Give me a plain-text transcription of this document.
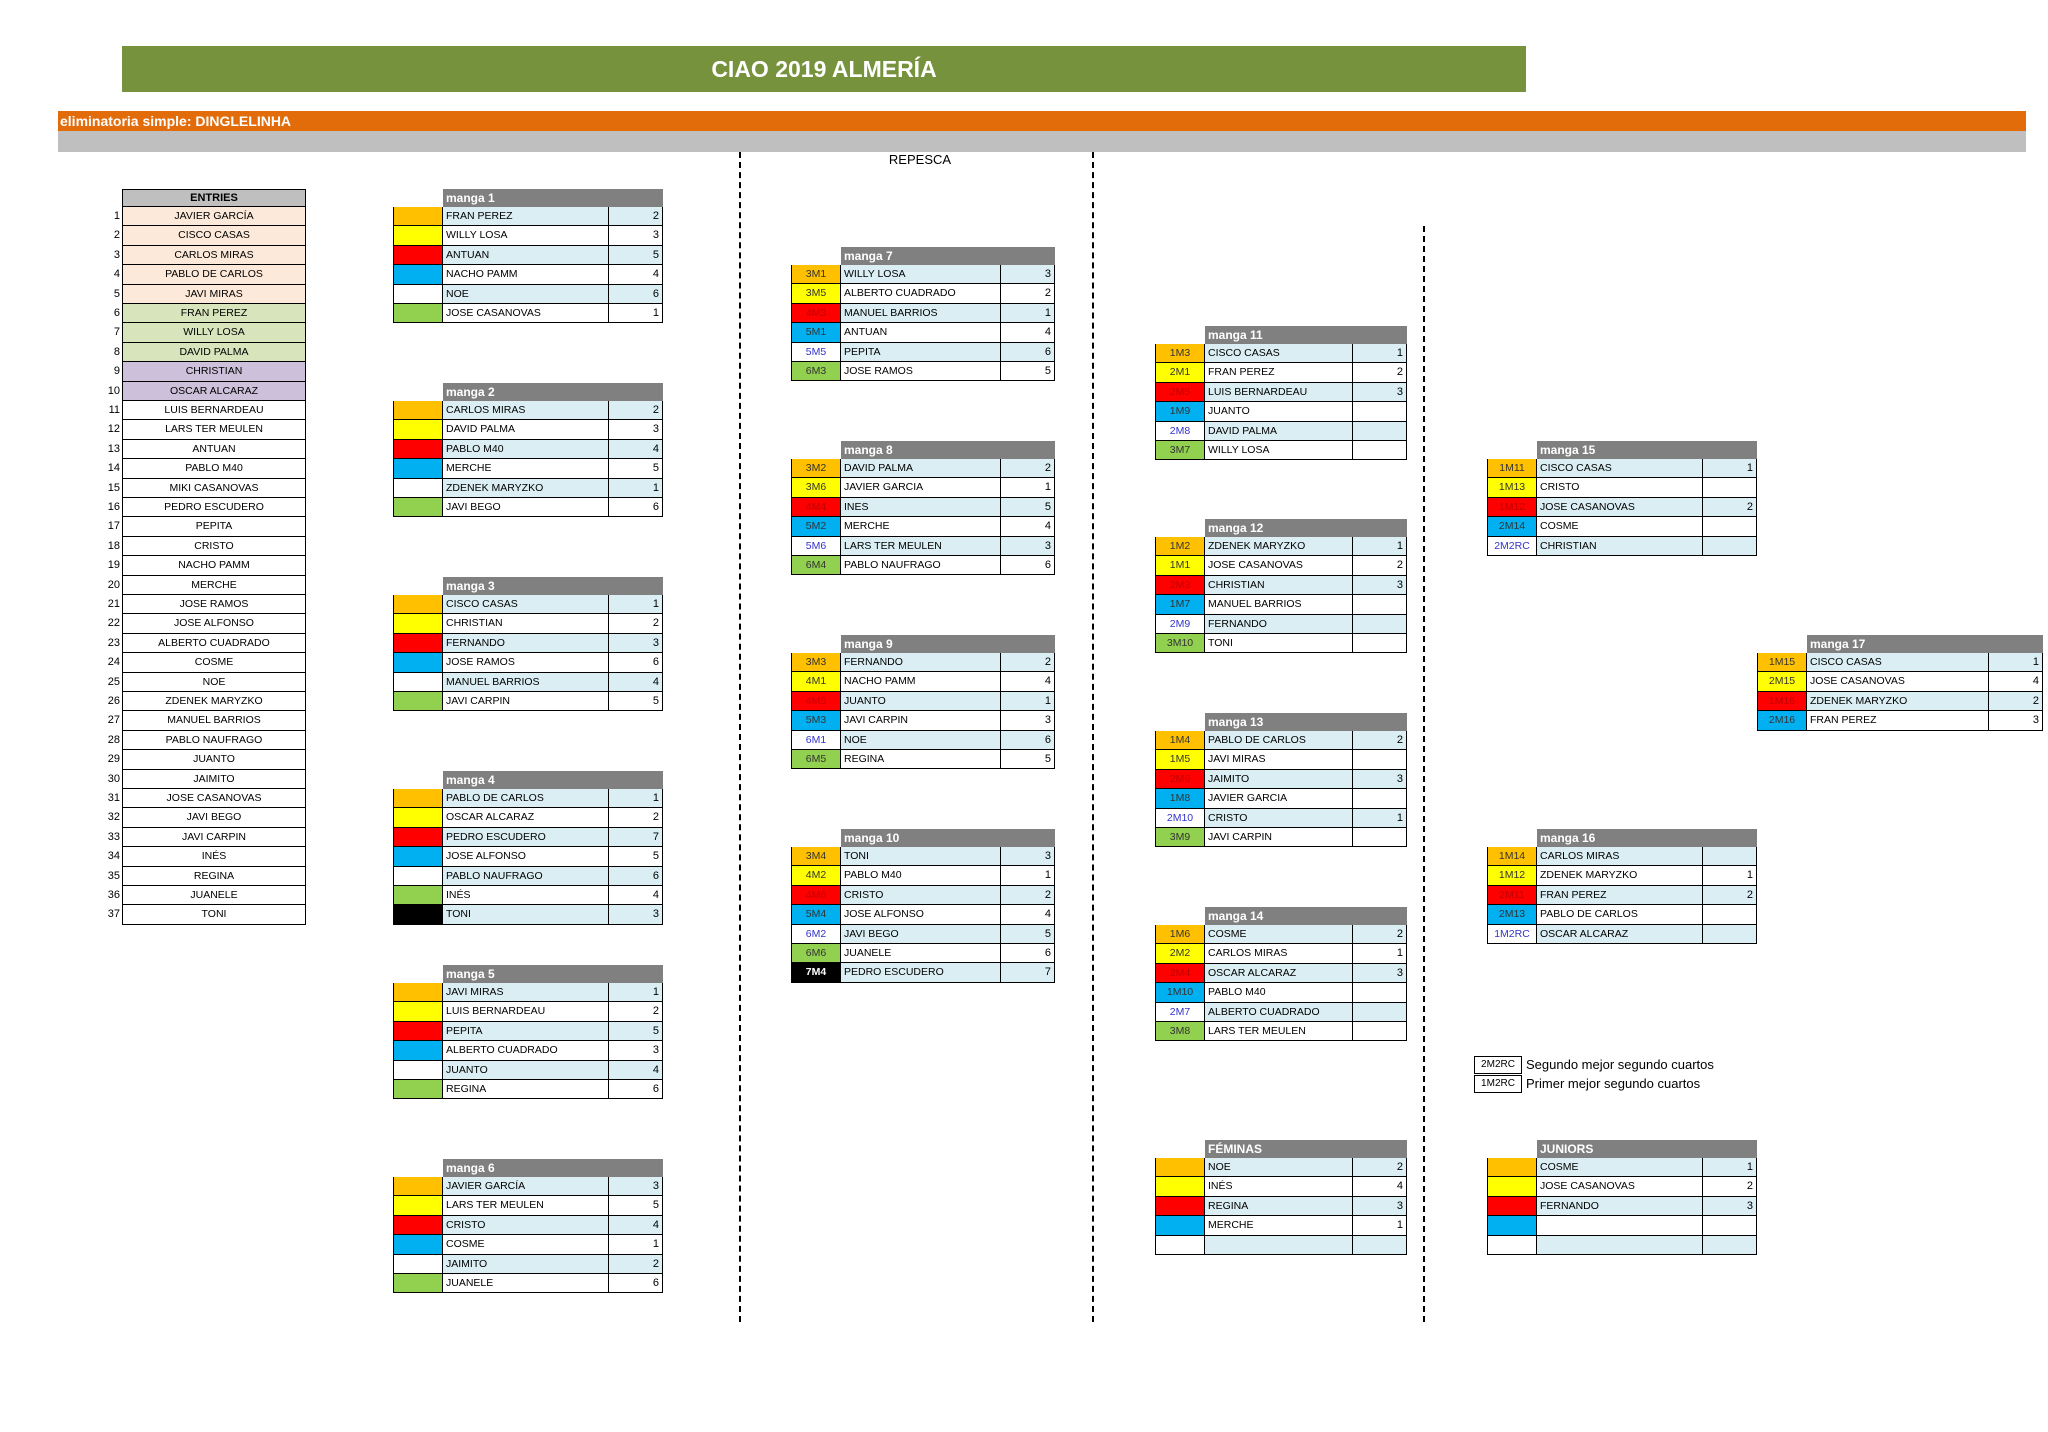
CIAO 2019 ALMERÍA
eliminatoria simple: DINGLELINHA
REPESCA
ENTRIES
1	JAVIER GARCÍA
2	CISCO CASAS
3	CARLOS MIRAS
4	PABLO DE CARLOS
5	JAVI MIRAS
6	FRAN PEREZ
7	WILLY LOSA
8	DAVID PALMA
9	CHRISTIAN
10	OSCAR ALCARAZ
11	LUIS BERNARDEAU
12	LARS TER MEULEN
13	ANTUAN
14	PABLO M40
15	MIKI CASANOVAS
16	PEDRO ESCUDERO
17	PEPITA
18	CRISTO
19	NACHO PAMM
20	MERCHE
21	JOSE RAMOS
22	JOSE ALFONSO
23	ALBERTO CUADRADO
24	COSME
25	NOE
26	ZDENEK MARYZKO
27	MANUEL BARRIOS
28	PABLO NAUFRAGO
29	JUANTO
30	JAIMITO
31	JOSE CASANOVAS
32	JAVI BEGO
33	JAVI CARPIN
34	INÉS
35	REGINA
36	JUANELE
37	TONI
manga 1
FRAN PEREZ	2
WILLY LOSA	3
ANTUAN	5
NACHO PAMM	4
NOE	6
JOSE CASANOVAS	1
manga 2
CARLOS MIRAS	2
DAVID PALMA	3
PABLO M40	4
MERCHE	5
ZDENEK MARYZKO	1
JAVI BEGO	6
manga 3
CISCO CASAS	1
CHRISTIAN	2
FERNANDO	3
JOSE RAMOS	6
MANUEL BARRIOS	4
JAVI CARPIN	5
manga 4
PABLO DE CARLOS	1
OSCAR ALCARAZ	2
PEDRO ESCUDERO	7
JOSE ALFONSO	5
PABLO NAUFRAGO	6
INÉS	4
TONI	3
manga 5
JAVI MIRAS	1
LUIS BERNARDEAU	2
PEPITA	5
ALBERTO CUADRADO	3
JUANTO	4
REGINA	6
manga 6
JAVIER GARCÍA	3
LARS TER MEULEN	5
CRISTO	4
COSME	1
JAIMITO	2
JUANELE	6
manga 7
3M1	WILLY LOSA	3
3M5	ALBERTO CUADRADO	2
4M3	MANUEL BARRIOS	1
5M1	ANTUAN	4
5M5	PEPITA	6
6M3	JOSE RAMOS	5
manga 8
3M2	DAVID PALMA	2
3M6	JAVIER GARCIA	1
4M4	INES	5
5M2	MERCHE	4
5M6	LARS TER MEULEN	3
6M4	PABLO NAUFRAGO	6
manga 9
3M3	FERNANDO	2
4M1	NACHO PAMM	4
4M5	JUANTO	1
5M3	JAVI CARPIN	3
6M1	NOE	6
6M5	REGINA	5
manga 10
3M4	TONI	3
4M2	PABLO M40	1
4M6	CRISTO	2
5M4	JOSE ALFONSO	4
6M2	JAVI BEGO	5
6M6	JUANELE	6
7M4	PEDRO ESCUDERO	7
manga 11
1M3	CISCO CASAS	1
2M1	FRAN PEREZ	2
2M5	LUIS BERNARDEAU	3
1M9	JUANTO
2M8	DAVID PALMA
3M7	WILLY LOSA
manga 12
1M2	ZDENEK MARYZKO	1
1M1	JOSE CASANOVAS	2
2M3	CHRISTIAN	3
1M7	MANUEL BARRIOS
2M9	FERNANDO
3M10	TONI
manga 13
1M4	PABLO DE CARLOS	2
1M5	JAVI MIRAS
2M6	JAIMITO	3
1M8	JAVIER GARCIA
2M10	CRISTO	1
3M9	JAVI CARPIN
manga 14
1M6	COSME	2
2M2	CARLOS MIRAS	1
2M4	OSCAR ALCARAZ	3
1M10	PABLO M40
2M7	ALBERTO CUADRADO
3M8	LARS TER MEULEN
manga 15
1M11	CISCO CASAS	1
1M13	CRISTO
1M12	JOSE CASANOVAS	2
2M14	COSME
2M2RC CHRISTIAN
manga 16
1M14	CARLOS MIRAS
1M12	ZDENEK MARYZKO	1
2M11	FRAN PEREZ	2
2M13	PABLO DE CARLOS
1M2RC OSCAR ALCARAZ
manga 17
1M15	CISCO CASAS	1
2M15	JOSE CASANOVAS	4
1M16	ZDENEK MARYZKO	2
2M16	FRAN PEREZ	3
FÉMINAS
NOE	2
INÉS	4
REGINA	3
MERCHE	1
JUNIORS
COSME	1
JOSE CASANOVAS	2
FERNANDO	3
2M2RC Segundo mejor segundo cuartos
1M2RC Primer mejor segundo cuartos
